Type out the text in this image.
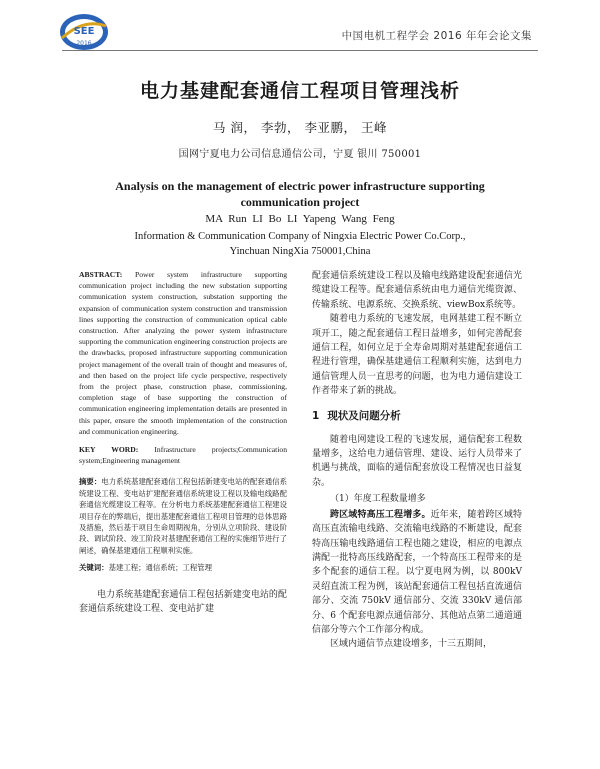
SEE
2016
中国电机工程学会 2016 年年会论文集
电力基建配套通信工程项目管理浅析
马 润， 李勃， 李亚鹏， 王峰
国网宁夏电力公司信息通信公司，宁夏 银川 750001
Analysis on the management of electric power infrastructure supporting communication project
MA Run LI Bo LI Yapeng Wang Feng
Information & Communication Company of Ningxia Electric Power Co.Corp., Yinchuan NingXia 750001,China

ABSTRACT: Power system infrastructure supporting communication project including the new substation supporting communication system construction, substation supporting the expansion of communication system construction and transmission lines supporting the construction of communication optical cable construction. After analyzing the power system infrastructure supporting the communication engineering construction projects are the drawbacks, proposed infrastructure supporting communication project management of the overall train of thought and measures of, and then based on the project life cycle perspective, respectively from the project phase, construction phase, commissioning, completion stage of base supporting the construction of communication engineering implementation details are presented in this paper, ensure the smooth implementation of the construction and communication engineering.

KEY WORD: Infrastructure projects;Communication system;Engineering management

摘要：电力系统基建配套通信工程包括新建变电站的配套通信系统建设工程、变电站扩建配套通信系统建设工程以及输电线路配套通信光缆建设工程等。在分析电力系统基建配套通信工程建设项目存在的弊端后，提出基建配套通信工程项目管理的总体思路及措施，然后基于项目生命周期视角，分别从立项阶段、建设阶段、调试阶段、竣工阶段对基建配套通信工程的实施细节进行了阐述，确保基建通信工程顺利实施。

关键词：基建工程；通信系统；工程管理

电力系统基建配套通信工程包括新建变电站的配套通信系统建设工程、变电站扩建

配套通信系统建设工程以及输电线路建设配套通信光缆建设工程等。配套通信系统由电力通信光缆资源、传输系统、电源系统、交换系统、viewBox系统等。

随着电力系统的飞速发展，电网基建工程不断立项开工，随之配套通信工程日益增多，如何完善配套通信工程，如何立足于全寿命周期对基建配套通信工程进行管理，确保基建通信工程顺利实施，达到电力通信管理人员一直思考的问题，也为电力通信建设工作者带来了新的挑战。

1 现状及问题分析

随着电网建设工程的飞速发展，通信配套工程数量增多，这给电力通信管理、建设、运行人员带来了机遇与挑战，面临的通信配套放设工程情况也日益复杂。

（1）年度工程数量增多

跨区域特高压工程增多。近年来，随着跨区域特高压直流输电线路、交流输电线路的不断建设，配套特高压输电线路通信工程也随之建设，相应的电源点满配一批特高压线路配套，一个特高压工程带来的是多个配套的通信工程。以宁夏电网为例，以 800kV 灵绍直流工程为例，该站配套通信工程包括直流通信部分、交流 750kV 通信部分、交流 330kV 通信部分、6 个配套电源点通信部分、其他站点第二通道通信部分等六个工作部分构成。

区域内通信节点建设增多，十三五期间，
